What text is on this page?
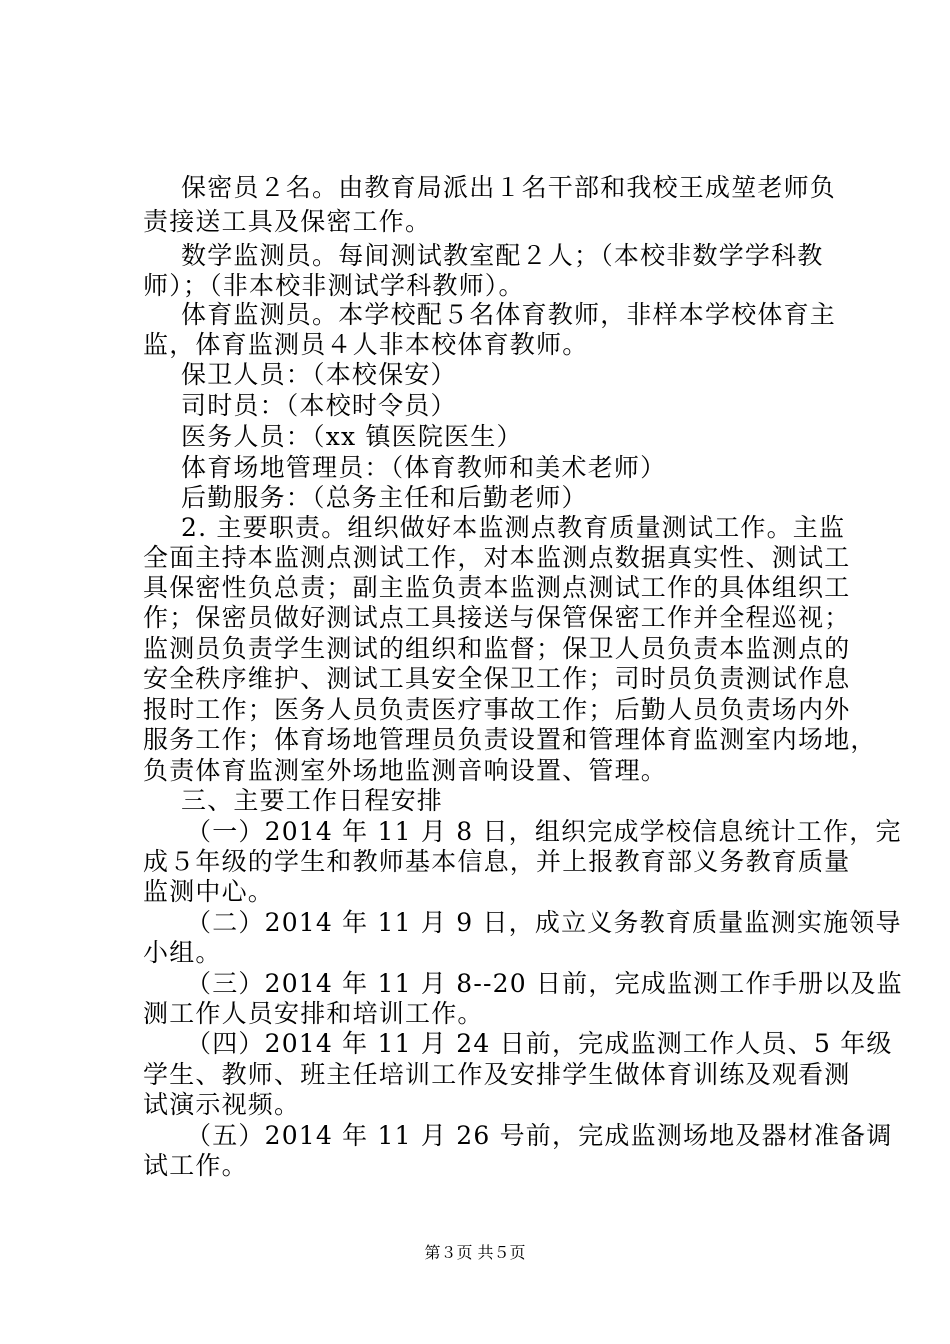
保密员２名。由教育局派出１名干部和我校王成堃老师负
责接送工具及保密工作。
数学监测员。每间测试教室配２人；（本校非数学学科教
师）；（非本校非测试学科教师）。
体育监测员。本学校配５名体育教师，非样本学校体育主
监，体育监测员４人非本校体育教师。
保卫人员：（本校保安）
司时员：（本校时令员）
医务人员：（xx 镇医院医生）
体育场地管理员：（体育教师和美术老师）
后勤服务：（总务主任和后勤老师）
2. 主要职责。组织做好本监测点教育质量测试工作。主监
全面主持本监测点测试工作，对本监测点数据真实性、测试工
具保密性负总责；副主监负责本监测点测试工作的具体组织工
作；保密员做好测试点工具接送与保管保密工作并全程巡视；
监测员负责学生测试的组织和监督；保卫人员负责本监测点的
安全秩序维护、测试工具安全保卫工作；司时员负责测试作息
报时工作；医务人员负责医疗事故工作；后勤人员负责场内外
服务工作；体育场地管理员负责设置和管理体育监测室内场地，
负责体育监测室外场地监测音响设置、管理。
三、主要工作日程安排
（一）2014 年 11 月 8 日，组织完成学校信息统计工作，完
成５年级的学生和教师基本信息，并上报教育部义务教育质量
监测中心。
（二）2014 年 11 月 9 日，成立义务教育质量监测实施领导
小组。
（三）2014 年 11 月 8--20 日前，完成监测工作手册以及监
测工作人员安排和培训工作。
（四）2014 年 11 月 24 日前，完成监测工作人员、5 年级
学生、教师、班主任培训工作及安排学生做体育训练及观看测
试演示视频。
（五）2014 年 11 月 26 号前，完成监测场地及器材准备调
试工作。
第３页 共５页
